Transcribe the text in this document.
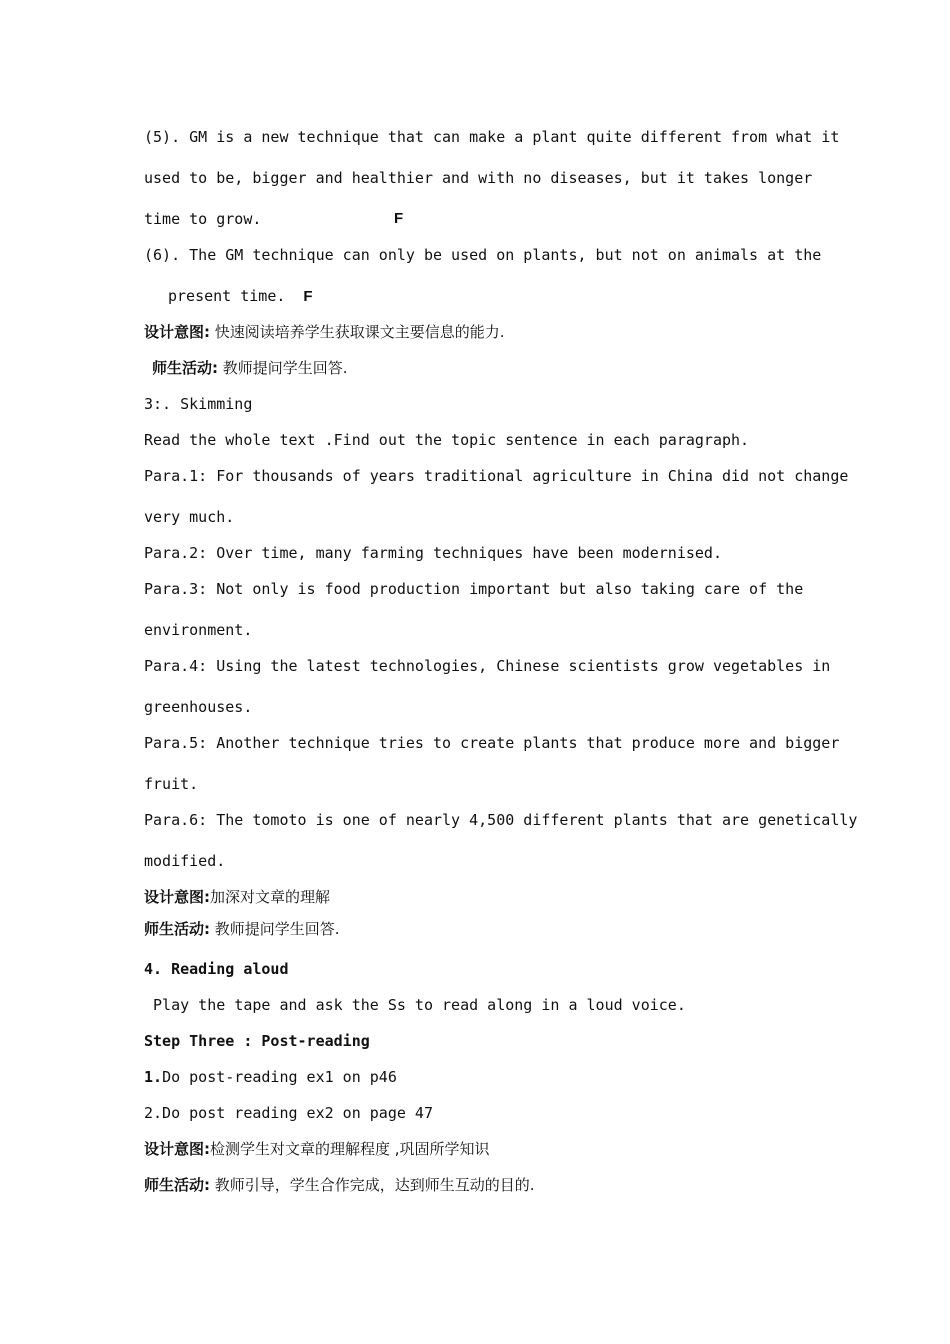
(5). GM is a new technique that can make a plant quite different from what it
used to be, bigger and healthier and with no diseases, but it takes longer
time to grow.	F
(6). The GM technique can only be used on plants, but not on animals at the
present time. F
设计意图: 快速阅读培养学生获取课文主要信息的能力.
师生活动: 教师提问学生回答.
3:. Skimming
Read the whole text .Find out the topic sentence in each paragraph.
Para.1: For thousands of years traditional agriculture in China did not change
very much.
Para.2: Over time, many farming techniques have been modernised.
Para.3: Not only is food production important but also taking care of the
environment.
Para.4: Using the latest technologies, Chinese scientists grow vegetables in
greenhouses.
Para.5: Another technique tries to create plants that produce more and bigger
fruit.
Para.6: The tomoto is one of nearly 4,500 different plants that are genetically
modified.
设计意图:加深对文章的理解
师生活动: 教师提问学生回答.
4. Reading aloud
Play the tape and ask the Ss to read along in a loud voice.
Step Three : Post-reading
1.Do post-reading ex1 on p46
2.Do post reading ex2 on page 47
设计意图:检测学生对文章的理解程度 ,巩固所学知识
师生活动: 教师引导，学生合作完成，达到师生互动的目的.
